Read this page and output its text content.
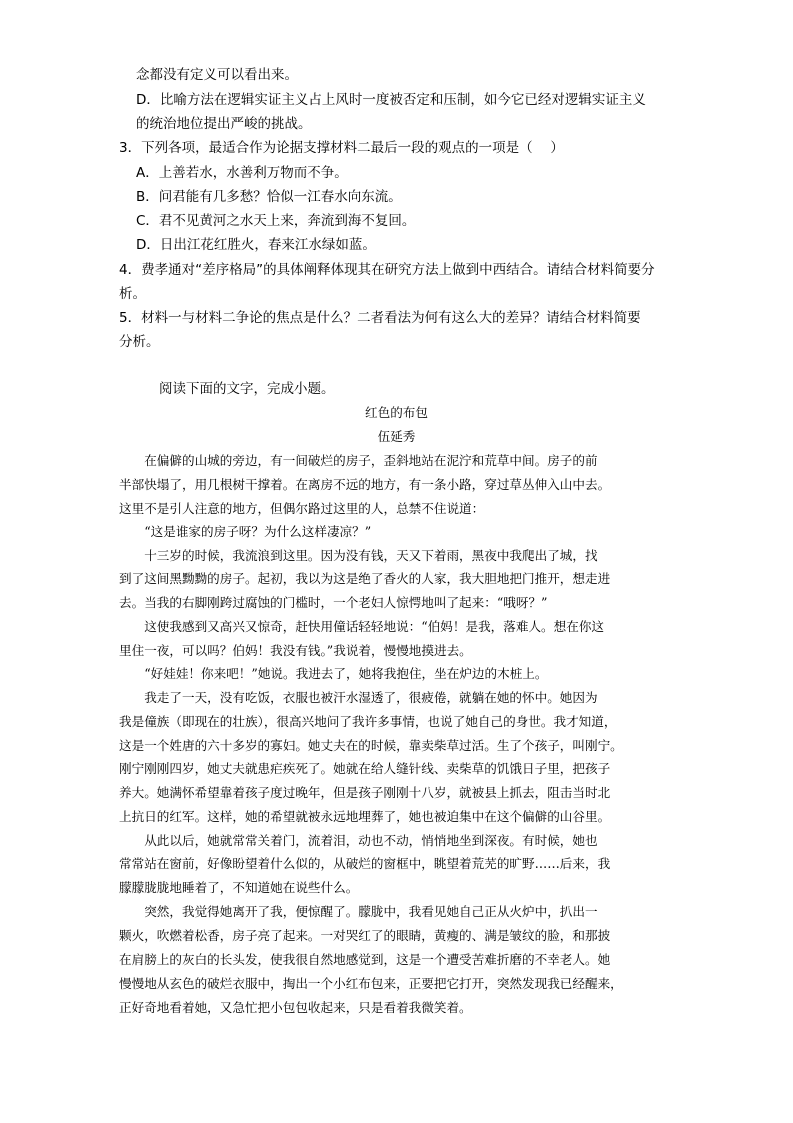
念都没有定义可以看出来。
D．比喻方法在逻辑实证主义占上风时一度被否定和压制，如今它已经对逻辑实证主义
的统治地位提出严峻的挑战。
3．下列各项，最适合作为论据支撑材料二最后一段的观点的一项是（　 ）
A．上善若水，水善利万物而不争。
B．问君能有几多愁？恰似一江春水向东流。
C．君不见黄河之水天上来，奔流到海不复回。
D．日出江花红胜火，春来江水绿如蓝。
4．费孝通对“差序格局”的具体阐释体现其在研究方法上做到中西结合。请结合材料简要分
析。
5．材料一与材料二争论的焦点是什么？二者看法为何有这么大的差异？请结合材料简要
分析。
阅读下面的文字，完成小题。
红色的布包
伍延秀
　　在偏僻的山城的旁边，有一间破烂的房子，歪斜地站在泥泞和荒草中间。房子的前
半部快塌了，用几根树干撑着。在离房不远的地方，有一条小路，穿过草丛伸入山中去。
这里不是引人注意的地方，但偶尔路过这里的人，总禁不住说道：
　　“这是谁家的房子呀？为什么这样凄凉？”
　　十三岁的时候，我流浪到这里。因为没有钱，天又下着雨，黑夜中我爬出了城，找
到了这间黑黝黝的房子。起初，我以为这是绝了香火的人家，我大胆地把门推开，想走进
去。当我的右脚刚跨过腐蚀的门槛时，一个老妇人惊愕地叫了起来：“哦呀？”
　　这使我感到又高兴又惊奇，赶快用僮话轻轻地说：“伯妈！是我，落难人。想在你这
里住一夜，可以吗？伯妈！我没有钱。”我说着，慢慢地摸进去。
　　“好娃娃！你来吧！”她说。我进去了，她将我抱住，坐在炉边的木桩上。
　　我走了一天，没有吃饭，衣服也被汗水湿透了，很疲倦，就躺在她的怀中。她因为
我是僮族（即现在的壮族），很高兴地问了我许多事情，也说了她自己的身世。我才知道，
这是一个姓唐的六十多岁的寡妇。她丈夫在的时候，靠卖柴草过活。生了个孩子，叫刚宁。
刚宁刚刚四岁，她丈夫就患疟疾死了。她就在给人缝针线、卖柴草的饥饿日子里，把孩子
养大。她满怀希望靠着孩子度过晚年，但是孩子刚刚十八岁，就被县上抓去，阻击当时北
上抗日的红军。这样，她的希望就被永远地埋葬了，她也被迫集中在这个偏僻的山谷里。
　　从此以后，她就常常关着门，流着泪，动也不动，悄悄地坐到深夜。有时候，她也
常常站在窗前，好像盼望着什么似的，从破烂的窗框中，眺望着荒芜的旷野……后来，我
朦朦胧胧地睡着了，不知道她在说些什么。
　　突然，我觉得她离开了我，便惊醒了。朦胧中，我看见她自己正从火炉中，扒出一
颗火，吹燃着松香，房子亮了起来。一对哭红了的眼睛，黄瘦的、满是皱纹的脸，和那披
在肩膀上的灰白的长头发，使我很自然地感觉到，这是一个遭受苦难折磨的不幸老人。她
慢慢地从玄色的破烂衣服中，掏出一个小红布包来，正要把它打开，突然发现我已经醒来，
正好奇地看着她，又急忙把小包包收起来，只是看着我微笑着。
